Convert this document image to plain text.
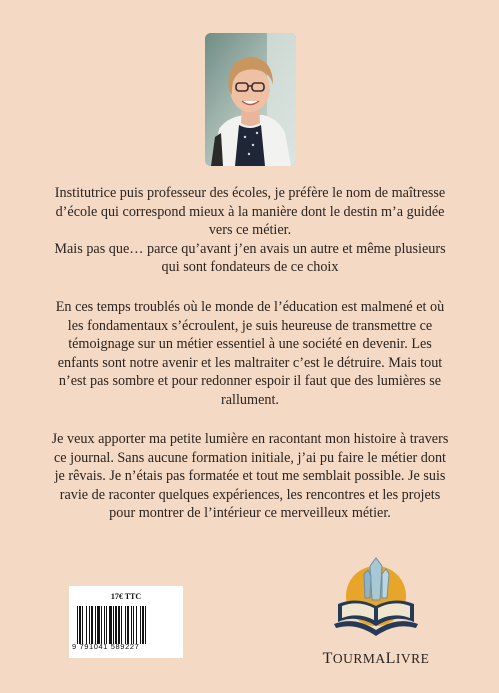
Institutrice puis professeur des écoles, je préfère le nom de maîtresse

d’école qui correspond mieux à la manière dont le destin m’a guidée

vers ce métier.

Mais pas que… parce qu’avant j’en avais un autre et même plusieurs

qui sont fondateurs de ce choix

En ces temps troublés où le monde de l’éducation est malmené et où

les fondamentaux s’écroulent, je suis heureuse de transmettre ce

témoignage sur un métier essentiel à une société en devenir. Les

enfants sont notre avenir et les maltraiter c’est le détruire. Mais tout

n’est pas sombre et pour redonner espoir il faut que des lumières se

rallument.

Je veux apporter ma petite lumière en racontant mon histoire à travers

ce journal. Sans aucune formation initiale, j’ai pu faire le métier dont

je rêvais. Je n’étais pas formatée et tout me semblait possible. Je suis

ravie de raconter quelques expériences, les rencontres et les projets

pour montrer de l’intérieur ce merveilleux métier.

17€ TTC
9 791041 589227
TOURMALIVRE
